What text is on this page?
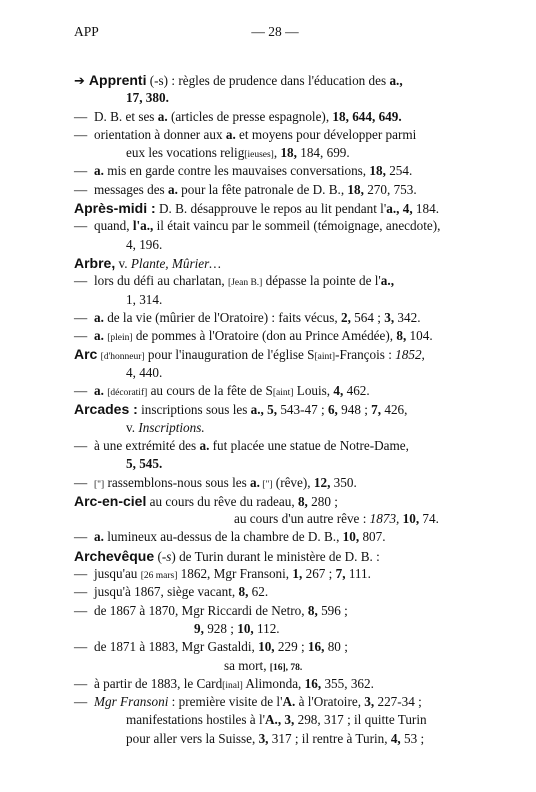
APP	— 28 —
➔ Apprenti (-s) : règles de prudence dans l'éducation des a.,
17, 380.
— D. B. et ses a. (articles de presse espagnole), 18, 644, 649.
— orientation à donner aux a. et moyens pour développer parmi
eux les vocations relig[ieuses], 18, 184, 699.
— a. mis en garde contre les mauvaises conversations, 18, 254.
— messages des a. pour la fête patronale de D. B., 18, 270, 753.
Après-midi : D. B. désapprouve le repos au lit pendant l'a., 4, 184.
— quand, l'a., il était vaincu par le sommeil (témoignage, anecdote),
4, 196.
Arbre, v. Plante, Mûrier…
— lors du défi au charlatan, [Jean B.] dépasse la pointe de l'a.,
1, 314.
— a. de la vie (mûrier de l'Oratoire) : faits vécus, 2, 564 ; 3, 342.
— a. [plein] de pommes à l'Oratoire (don au Prince Amédée), 8, 104.
Arc [d'honneur] pour l'inauguration de l'église S[aint]-François : 1852,
4, 440.
— a. [décoratif] au cours de la fête de S[aint] Louis, 4, 462.
Arcades : inscriptions sous les a., 5, 543-47 ; 6, 948 ; 7, 426,
v. Inscriptions.
— à une extrémité des a. fut placée une statue de Notre-Dame,
5, 545.
— ["] rassemblons-nous sous les a. ["] (rêve), 12, 350.
Arc-en-ciel au cours du rêve du radeau, 8, 280 ;
au cours d'un autre rêve : 1873, 10, 74.
— a. lumineux au-dessus de la chambre de D. B., 10, 807.
Archevêque (-s) de Turin durant le ministère de D. B. :
— jusqu'au [26 mars] 1862, Mgr Fransoni, 1, 267 ; 7, 111.
— jusqu'à 1867, siège vacant, 8, 62.
— de 1867 à 1870, Mgr Riccardi de Netro, 8, 596 ;
9, 928 ; 10, 112.
— de 1871 à 1883, Mgr Gastaldi, 10, 229 ; 16, 80 ;
sa mort, [16], 78.
— à partir de 1883, le Card[inal] Alimonda, 16, 355, 362.
— Mgr Fransoni : première visite de l'A. à l'Oratoire, 3, 227-34 ;
manifestations hostiles à l'A., 3, 298, 317 ; il quitte Turin
pour aller vers la Suisse, 3, 317 ; il rentre à Turin, 4, 53 ;
